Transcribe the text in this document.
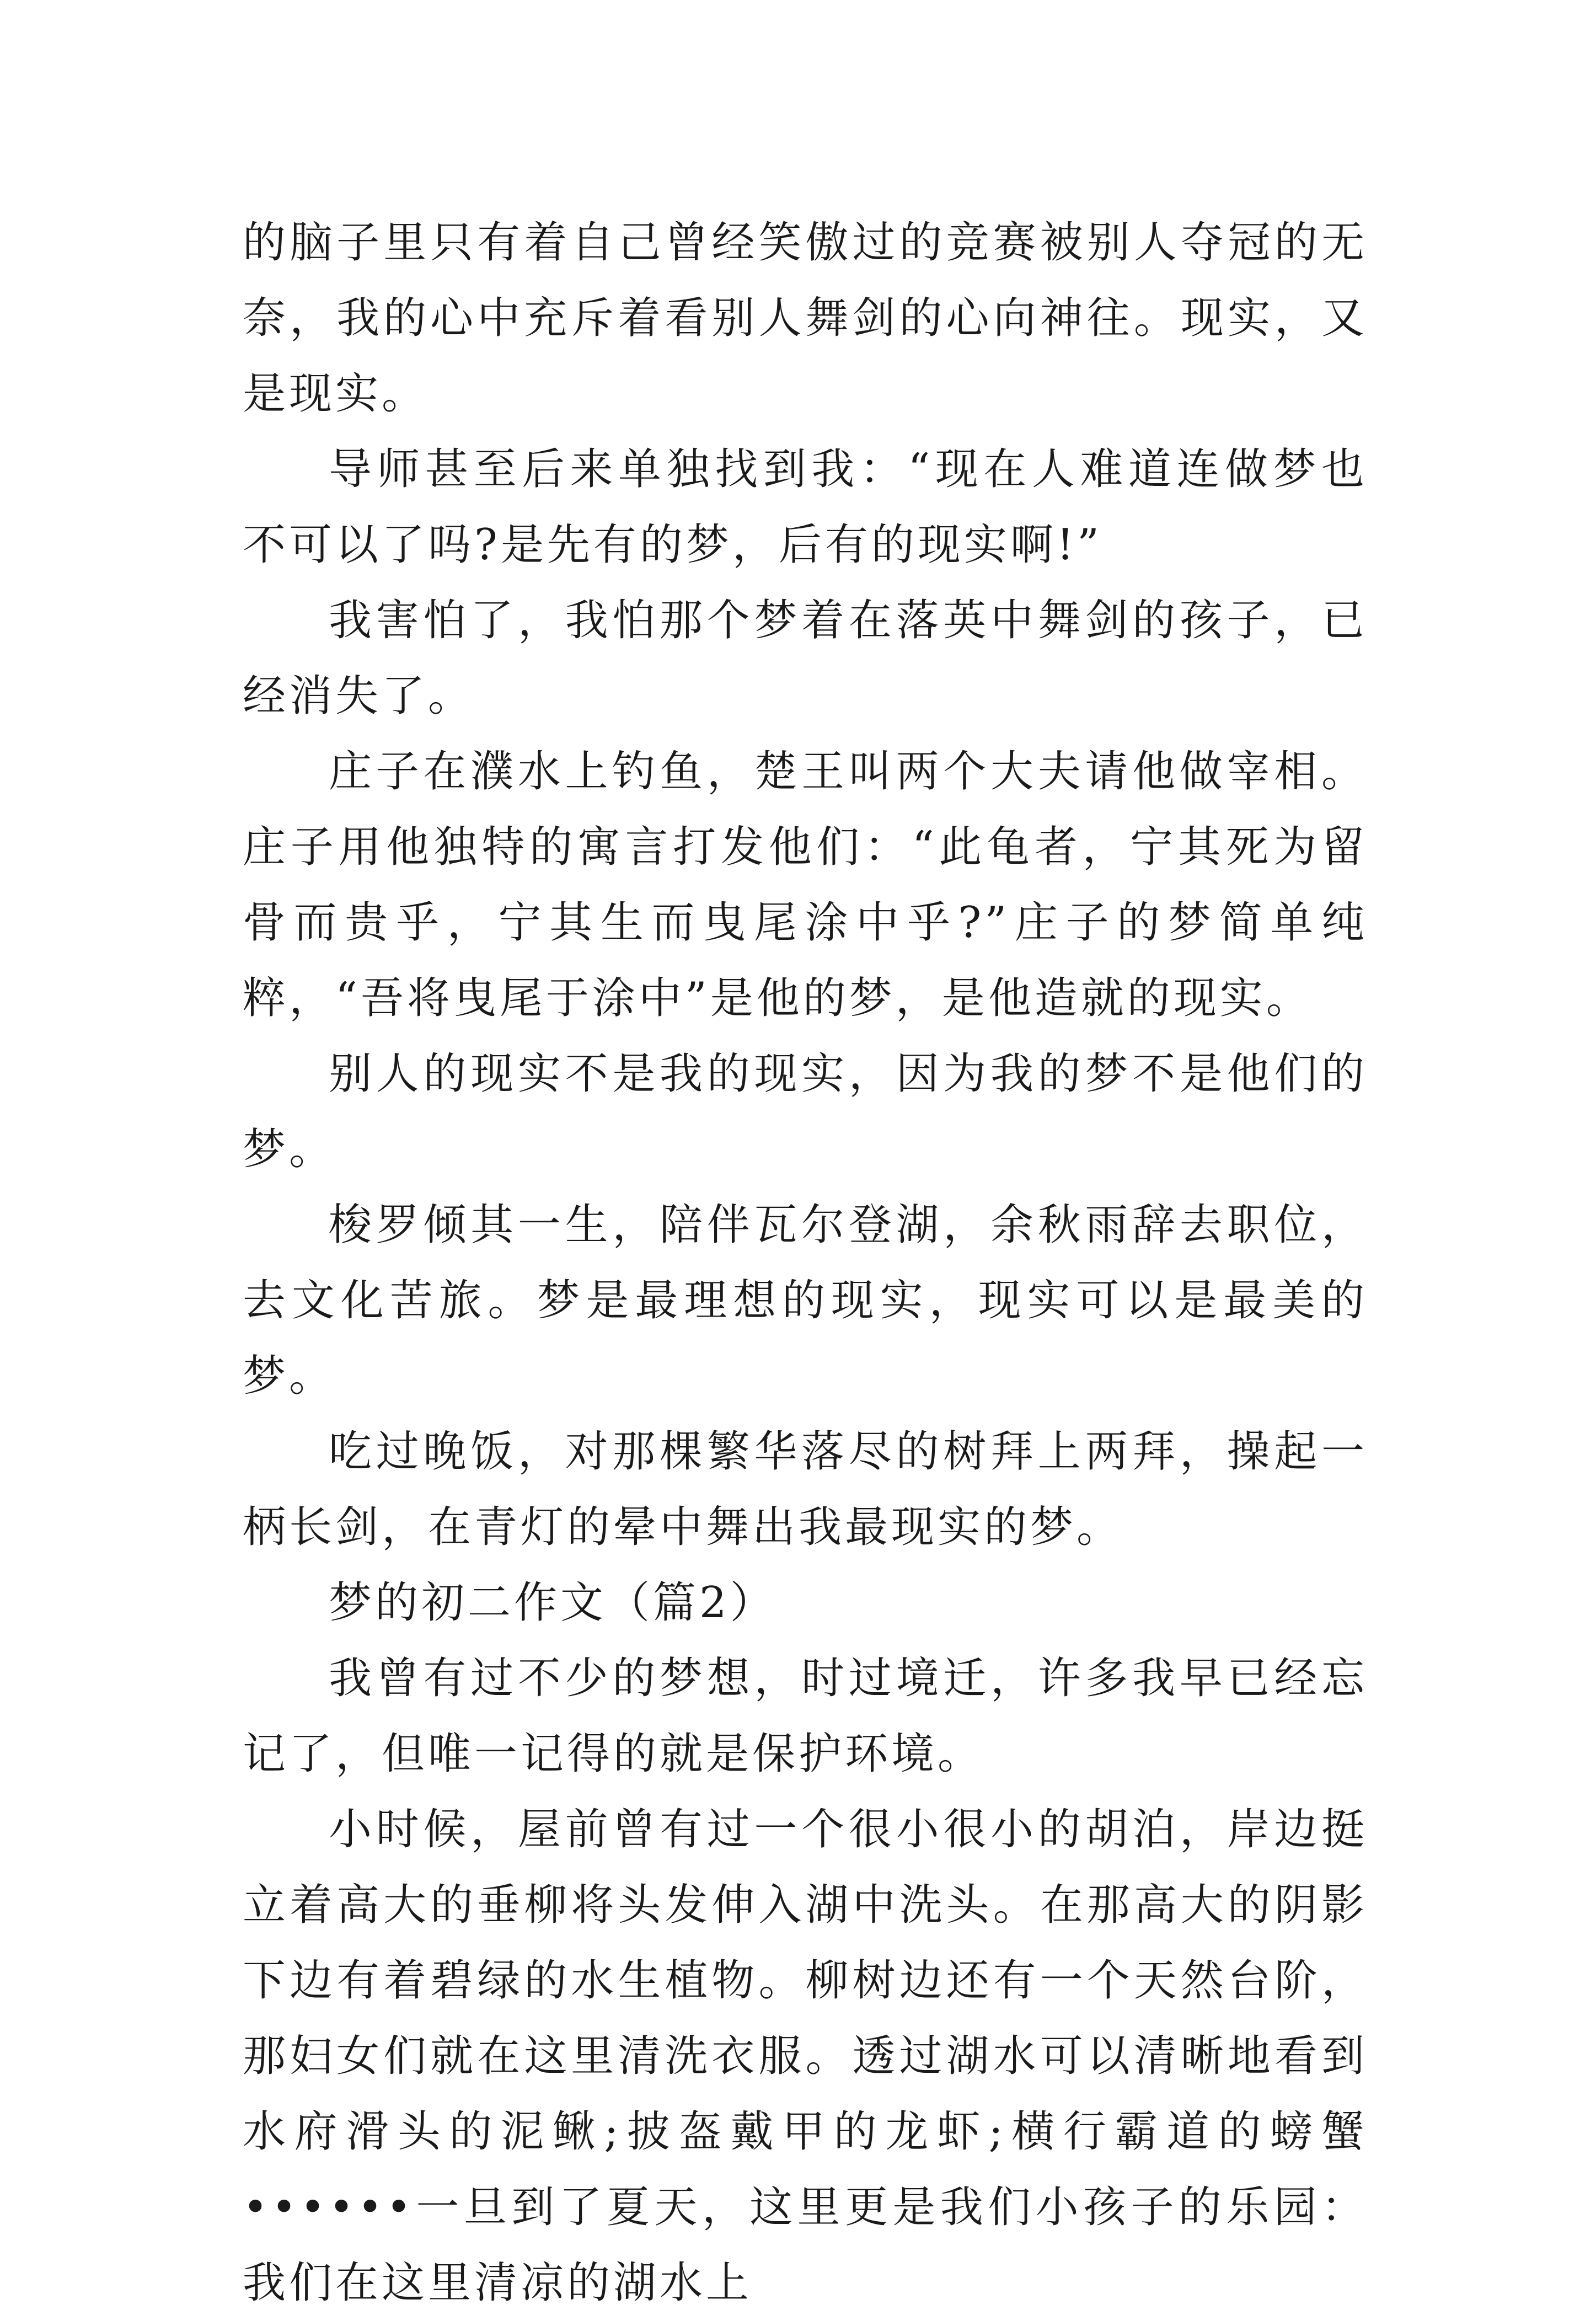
的脑子里只有着自己曾经笑傲过的竞赛被别人夺冠的无奈，我的心中充斥着看别人舞剑的心向神往。现实，又是现实。

导师甚至后来单独找到我：“现在人难道连做梦也不可以了吗?是先有的梦，后有的现实啊!”

我害怕了，我怕那个梦着在落英中舞剑的孩子，已经消失了。

庄子在濮水上钓鱼，楚王叫两个大夫请他做宰相。庄子用他独特的寓言打发他们：“此龟者，宁其死为留骨而贵乎，宁其生而曳尾涂中乎?”庄子的梦简单纯粹，“吾将曳尾于涂中”是他的梦，是他造就的现实。

别人的现实不是我的现实，因为我的梦不是他们的梦。

梭罗倾其一生，陪伴瓦尔登湖，余秋雨辞去职位，去文化苦旅。梦是最理想的现实，现实可以是最美的梦。

吃过晚饭，对那棵繁华落尽的树拜上两拜，操起一柄长剑，在青灯的晕中舞出我最现实的梦。

梦的初二作文（篇2）

我曾有过不少的梦想，时过境迁，许多我早已经忘记了，但唯一记得的就是保护环境。

小时候，屋前曾有过一个很小很小的胡泊，岸边挺立着高大的垂柳将头发伸入湖中洗头。在那高大的阴影下边有着碧绿的水生植物。柳树边还有一个天然台阶，那妇女们就在这里清洗衣服。透过湖水可以清晰地看到水府滑头的泥鳅;披盔戴甲的龙虾;横行霸道的螃蟹••••••一旦到了夏天，这里更是我们小孩子的乐园：我们在这里清凉的湖水上
